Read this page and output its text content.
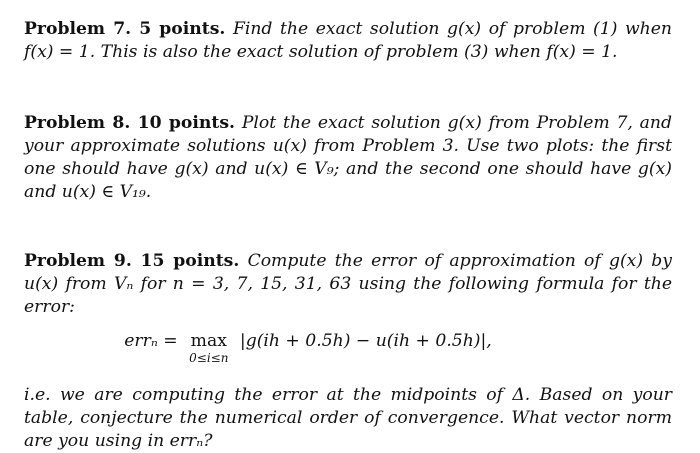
Problem 7. 5 points. Find the exact solution g(x) of problem (1) when f(x) = 1. This is also the exact solution of problem (3) when f(x) = 1.

Problem 8. 10 points. Plot the exact solution g(x) from Problem 7, and your approximate solutions u(x) from Problem 3. Use two plots: the first one should have g(x) and u(x) ∈ V₉; and the second one should have g(x) and u(x) ∈ V₁₉.

Problem 9. 15 points. Compute the error of approximation of g(x) by u(x) from Vₙ for n = 3, 7, 15, 31, 63 using the following formula for the error:

errₙ = max
0≤i≤n
|g(ih + 0.5h) − u(ih + 0.5h)|,

i.e. we are computing the error at the midpoints of Δ. Based on your table, conjecture the numerical order of convergence. What vector norm are you using in errₙ?
